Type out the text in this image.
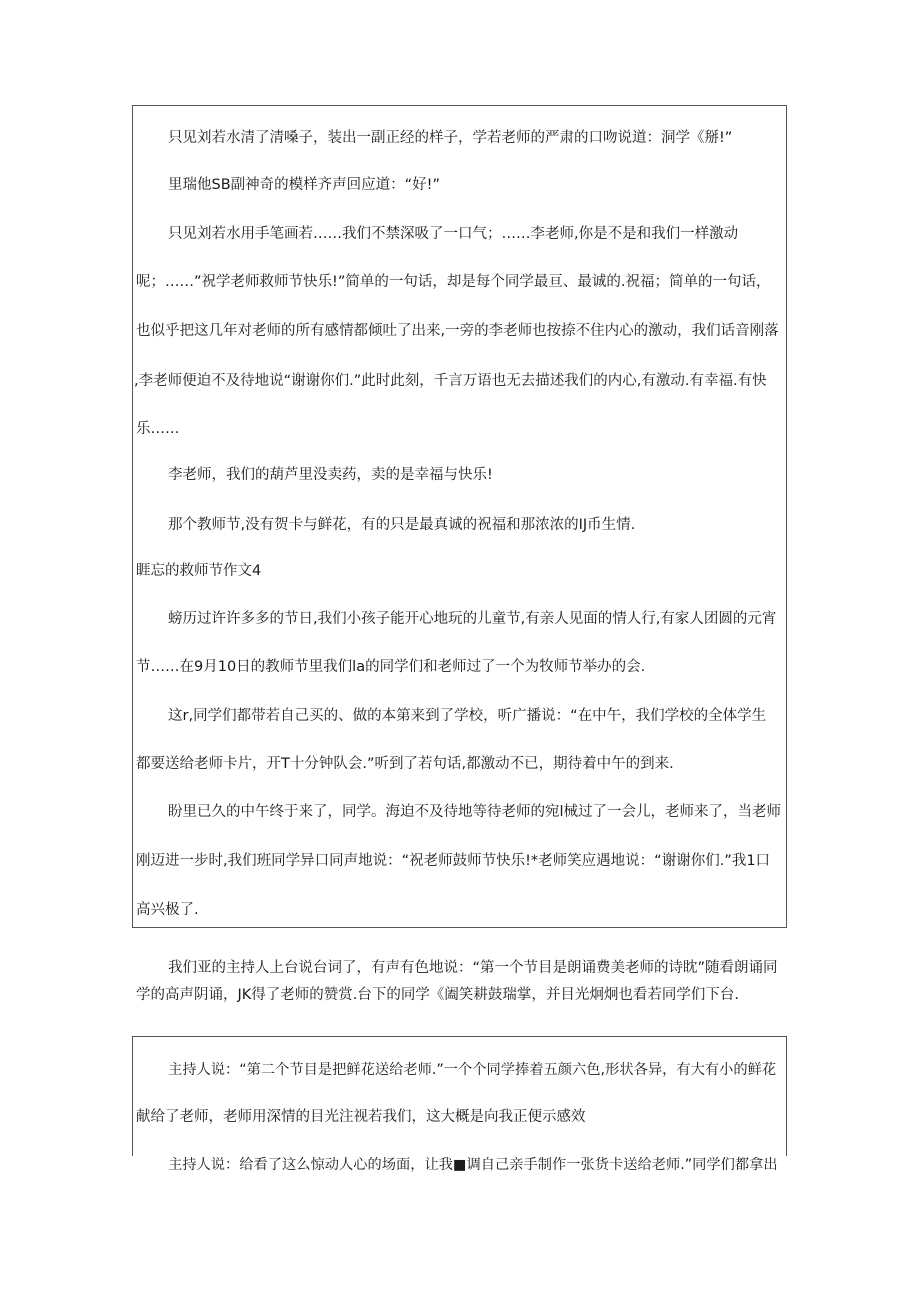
只见刘若水清了清嗓子，装出一副正经的样子，学若老师的严肃的口吻说道：洞学《掰!”
里瑞他SB副神奇的模样齐声回应道：“好!”
只见刘若水用手笔画若……我们不禁深吸了一口气；……李老师,你是不是和我们一样激动
呢；……”祝学老师救师节快乐!”简单的一句话，却是每个同学最亘、最诚的.祝福；简单的一句话，
也似乎把这几年对老师的所有感情都倾吐了出来,一旁的李老师也按捺不住内心的激动，我们话音刚落
,李老师便迫不及待地说“谢谢你们.”此时此刻，千言万语也无去描述我们的内心,有激动.有幸福.有快
乐……
李老师，我们的葫芦里没卖药，卖的是幸福与快乐!
那个教师节,没有贺卡与鲜花，有的只是最真诚的祝福和那浓浓的IJ币生情.
睚忘的救师节作文4
螃历过许许多多的节日,我们小孩子能开心地玩的儿童节,有亲人见面的情人行,有家人团圆的元宵
节……在9月10日的教师节里我们la的同学们和老师过了一个为牧师节举办的会.
这r,同学们都带若自己买的、做的本第来到了学校，听广播说：“在中午，我们学校的全体学生
都要送给老师卡片，开T十分钟队会.”听到了若句话,都激动不已，期待着中午的到来.
盼里已久的中午终于来了，同学。海迫不及待地等待老师的宛l械过了一会儿，老师来了，当老师
刚迈进一步时,我们班同学异口同声地说：“祝老师鼓师节快乐!*老师笑应遇地说：“谢谢你们.”我1口
高兴极了.
我们亚的主持人上台说台词了，有声有色地说：“第一个节目是朗诵费美老师的诗眈”随看朗诵同
学的高声阴诵，JK得了老师的赞赏.台下的同学《阖笑耕鼓瑞掌，并目光炯炯也看若同学们下台.
主持人说：“第二个节目是把鲜花送给老师.”一个个同学捧着五颜六色,形状各异，有大有小的鲜花
献给了老师，老师用深情的目光注视若我们，这大概是向我正便示感效
主持人说：给看了这么惊动人心的场面，让我■调自己亲手制作一张货卡送给老师.”同学们都拿出
